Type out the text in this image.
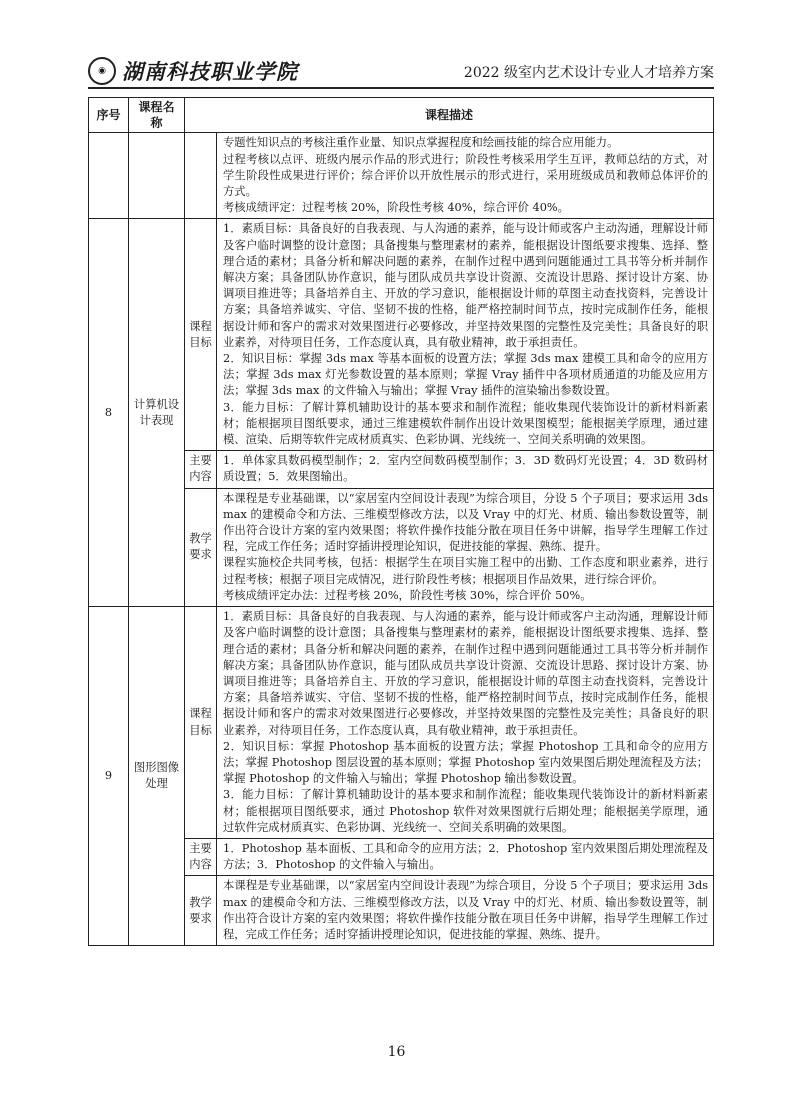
◉ 湖南科技职业学院	2022 级室内艺术设计专业人才培养方案
序号	课程名称	课程描述	

			专题性知识点的考核注重作业量、知识点掌握程度和绘画技能的综合应用能力。

过程考核以点评、班级内展示作品的形式进行；阶段性考核采用学生互评，教师总结的方式，对学生阶段性成果进行评价；综合评价以开放性展示的形式进行，采用班级成员和教师总体评价的方式。

考核成绩评定：过程考核 20%，阶段性考核 40%，综合评价 40%。

8	计算机设计表现	课程目标	1．素质目标：具备良好的自我表现、与人沟通的素养，能与设计师或客户主动沟通，理解设计师及客户临时调整的设计意图；具备搜集与整理素材的素养，能根据设计图纸要求搜集、选择、整理合适的素材；具备分析和解决问题的素养，在制作过程中遇到问题能通过工具书等分析并制作解决方案；具备团队协作意识，能与团队成员共享设计资源、交流设计思路、探讨设计方案、协调项目推进等；具备培养自主、开放的学习意识，能根据设计师的草图主动查找资料，完善设计方案；具备培养诚实、守信、坚韧不拔的性格，能严格控制时间节点，按时完成制作任务，能根据设计师和客户的需求对效果图进行必要修改，并坚持效果图的完整性及完美性；具备良好的职业素养，对待项目任务，工作态度认真，具有敬业精神，敢于承担责任。

2．知识目标：掌握 3ds max 等基本面板的设置方法；掌握 3ds max 建模工具和命令的应用方法；掌握 3ds max 灯光参数设置的基本原则；掌握 Vray 插件中各项材质通道的功能及应用方法；掌握 3ds max 的文件输入与输出；掌握 Vray 插件的渲染输出参数设置。

3．能力目标：了解计算机辅助设计的基本要求和制作流程；能收集现代装饰设计的新材料新素材；能根据项目图纸要求，通过三维建模软件制作出设计效果图模型；能根据美学原理，通过建模、渲染、后期等软件完成材质真实、色彩协调、光线统一、空间关系明确的效果图。

		主要内容	1．单体家具数码模型制作；2．室内空间数码模型制作；3．3D 数码灯光设置；4．3D 数码材质设置；5．效果图输出。

		教学要求	本课程是专业基础课，以“家居室内空间设计表现”为综合项目，分设 5 个子项目；要求运用 3ds max 的建模命令和方法、三维模型修改方法，以及 Vray 中的灯光、材质、输出参数设置等，制作出符合设计方案的室内效果图；将软件操作技能分散在项目任务中讲解，指导学生理解工作过程，完成工作任务；适时穿插讲授理论知识，促进技能的掌握、熟练、提升。

课程实施校企共同考核，包括：根据学生在项目实施工程中的出勤、工作态度和职业素养，进行过程考核；根据子项目完成情况，进行阶段性考核；根据项目作品效果，进行综合评价。

考核成绩评定办法：过程考核 20%，阶段性考核 30%，综合评价 50%。

9	图形图像处理	课程目标	1．素质目标：具备良好的自我表现、与人沟通的素养，能与设计师或客户主动沟通，理解设计师及客户临时调整的设计意图；具备搜集与整理素材的素养，能根据设计图纸要求搜集、选择、整理合适的素材；具备分析和解决问题的素养，在制作过程中遇到问题能通过工具书等分析并制作解决方案；具备团队协作意识，能与团队成员共享设计资源、交流设计思路、探讨设计方案、协调项目推进等；具备培养自主、开放的学习意识，能根据设计师的草图主动查找资料，完善设计方案；具备培养诚实、守信、坚韧不拔的性格，能严格控制时间节点，按时完成制作任务，能根据设计师和客户的需求对效果图进行必要修改，并坚持效果图的完整性及完美性；具备良好的职业素养，对待项目任务，工作态度认真，具有敬业精神，敢于承担责任。

2．知识目标：掌握 Photoshop 基本面板的设置方法；掌握 Photoshop 工具和命令的应用方法；掌握 Photoshop 图层设置的基本原则；掌握 Photoshop 室内效果图后期处理流程及方法；掌握 Photoshop 的文件输入与输出；掌握 Photoshop 输出参数设置。

3．能力目标：了解计算机辅助设计的基本要求和制作流程；能收集现代装饰设计的新材料新素材；能根据项目图纸要求，通过 Photoshop 软件对效果图就行后期处理；能根据美学原理，通过软件完成材质真实、色彩协调、光线统一、空间关系明确的效果图。

		主要内容	1．Photoshop 基本面板、工具和命令的应用方法；2．Photoshop 室内效果图后期处理流程及方法；3．Photoshop 的文件输入与输出。

		教学要求	本课程是专业基础课，以“家居室内空间设计表现”为综合项目，分设 5 个子项目；要求运用 3ds max 的建模命令和方法、三维模型修改方法，以及 Vray 中的灯光、材质、输出参数设置等，制作出符合设计方案的室内效果图；将软件操作技能分散在项目任务中讲解，指导学生理解工作过程，完成工作任务；适时穿插讲授理论知识，促进技能的掌握、熟练、提升。

16
